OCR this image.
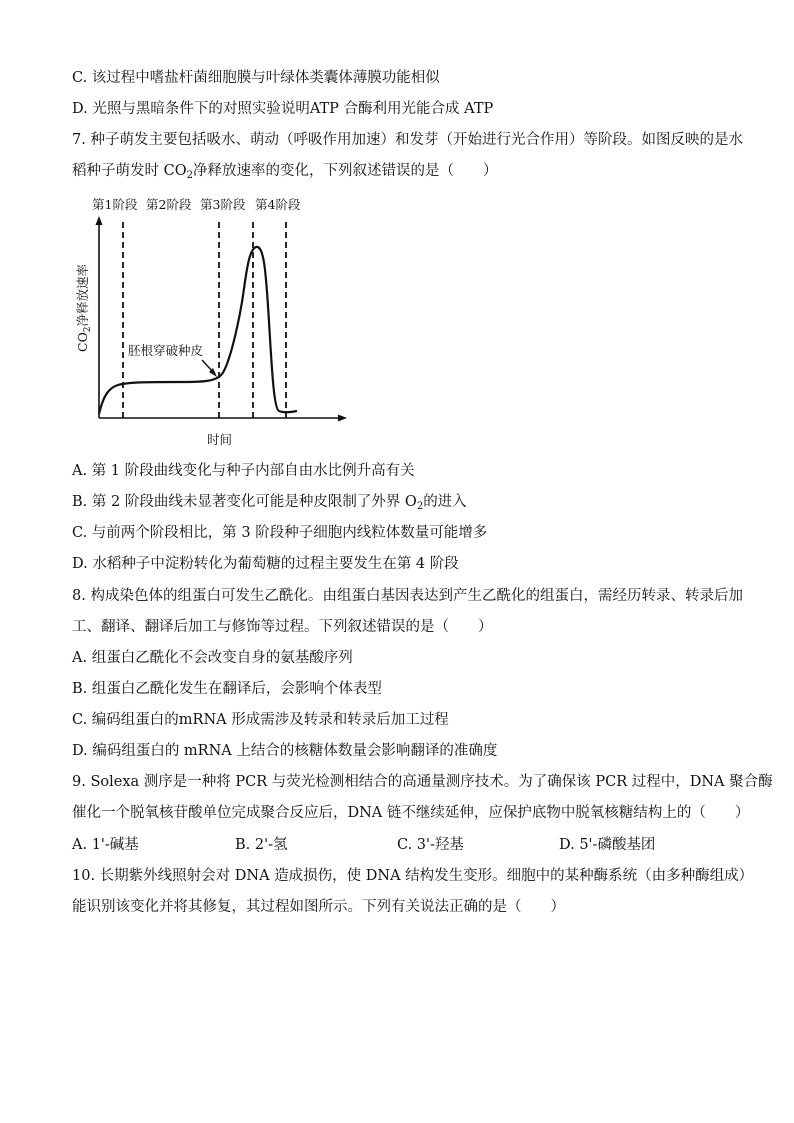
C. 该过程中嗜盐杆菌细胞膜与叶绿体类囊体薄膜功能相似
D. 光照与黑暗条件下的对照实验说明ATP 合酶利用光能合成 ATP
7. 种子萌发主要包括吸水、萌动（呼吸作用加速）和发芽（开始进行光合作用）等阶段。如图反映的是水
稻种子萌发时 $CO_2$净释放速率的变化，下列叙述错误的是（　　）
第1阶段 第2阶段 第3阶段 第4阶段
$CO_2$净释放速率
时间
胚根穿破种皮
A. 第 1 阶段曲线变化与种子内部自由水比例升高有关
B. 第 2 阶段曲线未显著变化可能是种皮限制了外界 $O_2$的进入
C. 与前两个阶段相比，第 3 阶段种子细胞内线粒体数量可能增多
D. 水稻种子中淀粉转化为葡萄糖的过程主要发生在第 4 阶段
8. 构成染色体的组蛋白可发生乙酰化。由组蛋白基因表达到产生乙酰化的组蛋白，需经历转录、转录后加
工、翻译、翻译后加工与修饰等过程。下列叙述错误的是（　　）
A. 组蛋白乙酰化不会改变自身的氨基酸序列
B. 组蛋白乙酰化发生在翻译后，会影响个体表型
C. 编码组蛋白的mRNA 形成需涉及转录和转录后加工过程
D. 编码组蛋白的 mRNA 上结合的核糖体数量会影响翻译的准确度
9. Solexa 测序是一种将 PCR 与荧光检测相结合的高通量测序技术。为了确保该 PCR 过程中，DNA 聚合酶
催化一个脱氧核苷酸单位完成聚合反应后，DNA 链不继续延伸，应保护底物中脱氧核糖结构上的（　　）
A. 1'-碱基	B. 2'-氢	C. 3'-羟基	D. 5'-磷酸基团
10. 长期紫外线照射会对 DNA 造成损伤，使 DNA 结构发生变形。细胞中的某种酶系统（由多种酶组成）
能识别该变化并将其修复，其过程如图所示。下列有关说法正确的是（　　）
